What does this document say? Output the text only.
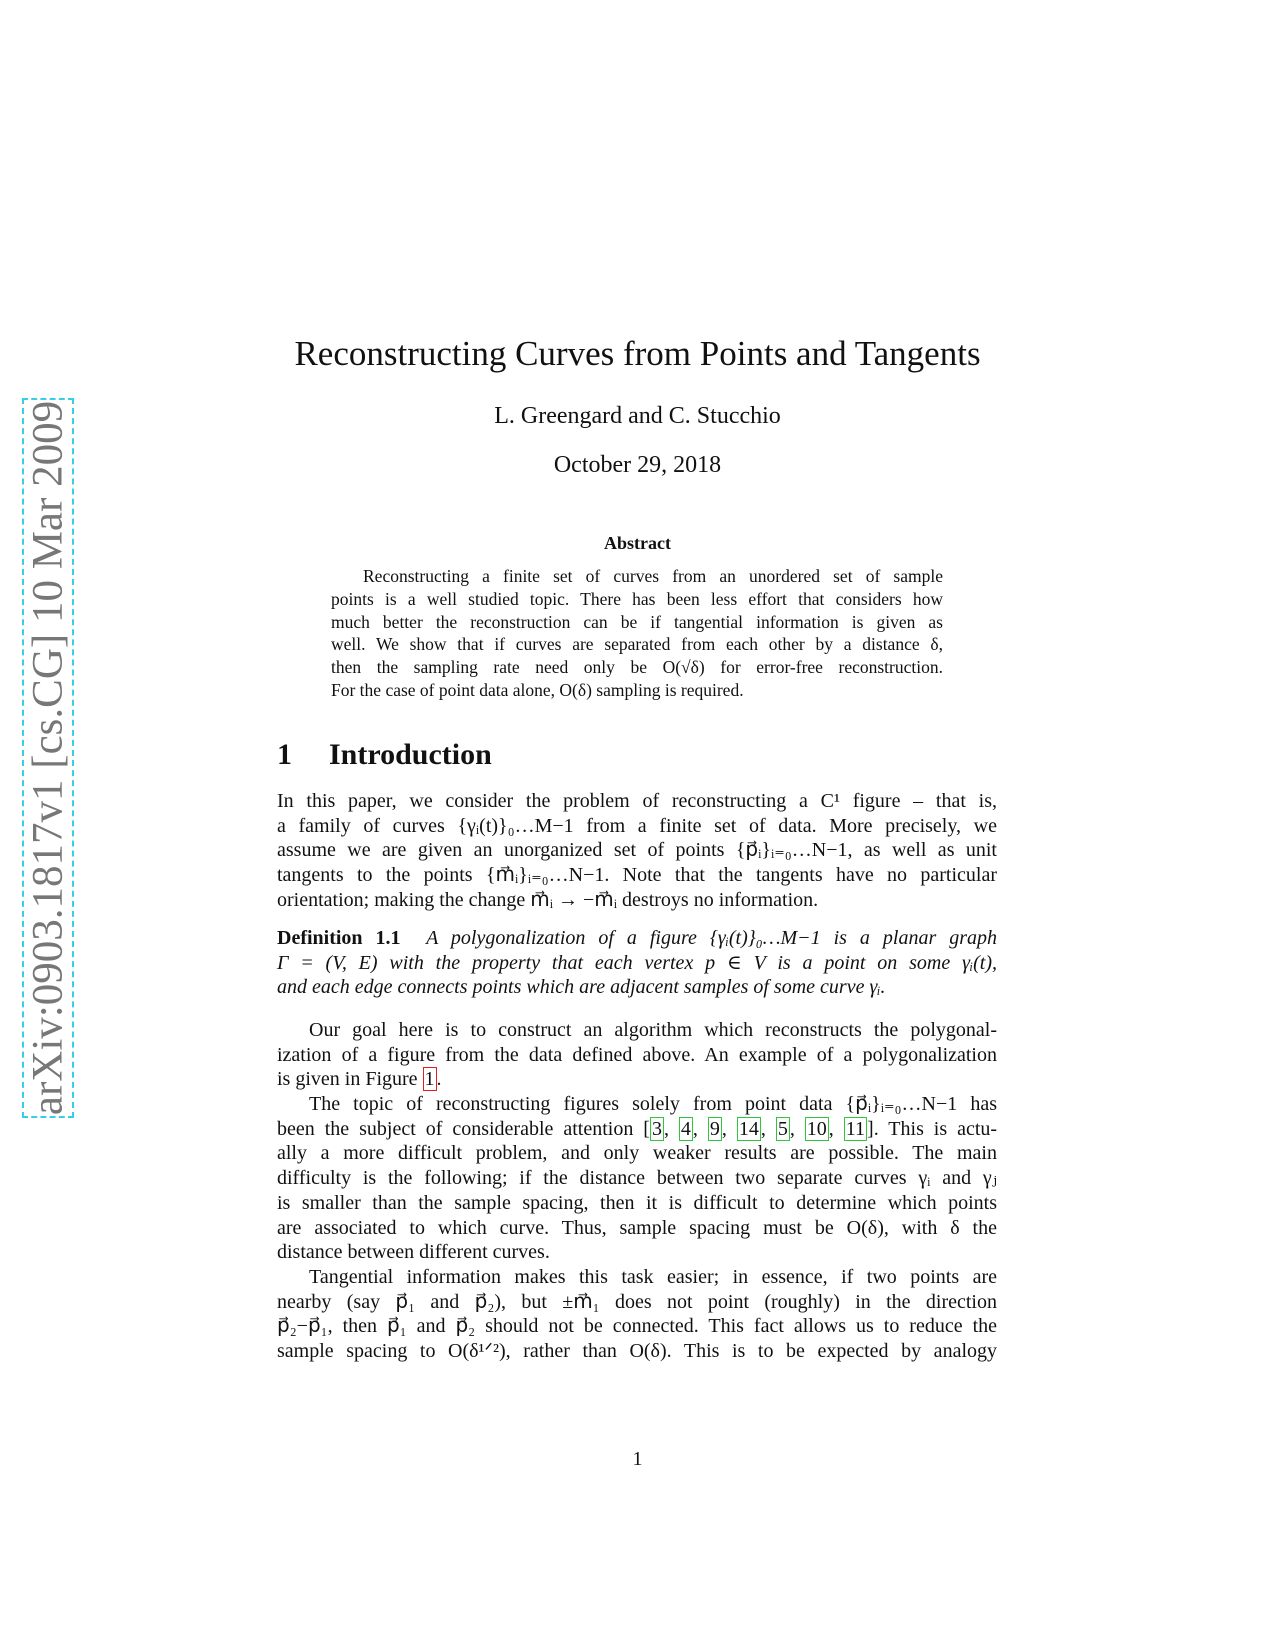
arXiv:0903.1817v1 [cs.CG] 10 Mar 2009
Reconstructing Curves from Points and Tangents
L. Greengard and C. Stucchio
October 29, 2018
Abstract
Reconstructing a finite set of curves from an unordered set of sample
points is a well studied topic. There has been less effort that considers how
much better the reconstruction can be if tangential information is given as
well. We show that if curves are separated from each other by a distance δ,
then the sampling rate need only be O(√δ) for error-free reconstruction.
For the case of point data alone, O(δ) sampling is required.
1 Introduction
In this paper, we consider the problem of reconstructing a C¹ figure – that is,
a family of curves {γᵢ(t)}₀…M−1 from a finite set of data. More precisely, we
assume we are given an unorganized set of points {p⃗ᵢ}ᵢ₌₀…N−1, as well as unit
tangents to the points {m⃗ᵢ}ᵢ₌₀…N−1. Note that the tangents have no particular
orientation; making the change m⃗ᵢ → −m⃗ᵢ destroys no information.
Definition 1.1 A polygonalization of a figure {γᵢ(t)}₀…M−1 is a planar graph
Γ = (V, E) with the property that each vertex p ∈ V is a point on some γᵢ(t),
and each edge connects points which are adjacent samples of some curve γᵢ.
Our goal here is to construct an algorithm which reconstructs the polygonal-
ization of a figure from the data defined above. An example of a polygonalization
is given in Figure 1 .
The topic of reconstructing figures solely from point data {p⃗ᵢ}ᵢ₌₀…N−1 has
been the subject of considerable attention [ 3 , 4 , 9 , 14 , 5 , 10 , 11 ]. This is actu-
ally a more difficult problem, and only weaker results are possible. The main
difficulty is the following; if the distance between two separate curves γᵢ and γⱼ
is smaller than the sample spacing, then it is difficult to determine which points
are associated to which curve. Thus, sample spacing must be O(δ), with δ the
distance between different curves.
Tangential information makes this task easier; in essence, if two points are
nearby (say p⃗₁ and p⃗₂), but ±m⃗₁ does not point (roughly) in the direction
p⃗₂−p⃗₁, then p⃗₁ and p⃗₂ should not be connected. This fact allows us to reduce the
sample spacing to O(δ¹ᐟ²), rather than O(δ). This is to be expected by analogy
1
